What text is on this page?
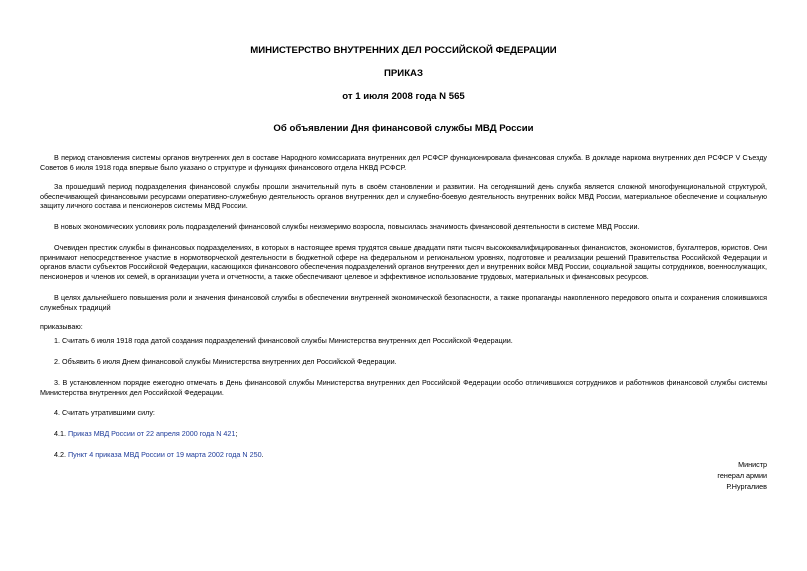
МИНИСТЕРСТВО ВНУТРЕННИХ ДЕЛ РОССИЙСКОЙ ФЕДЕРАЦИИ
ПРИКАЗ
от 1 июля 2008 года N 565
Об объявлении Дня финансовой службы МВД России

В период становления системы органов внутренних дел в составе Народного комиссариата внутренних дел РСФСР функционировала финансовая служба. В докладе наркома внутренних дел РСФСР V Съезду Советов 6 июля 1918 года впервые было указано о структуре и функциях финансового отдела НКВД РСФСР.

За прошедший период подразделения финансовой службы прошли значительный путь в своём становлении и развитии. На сегодняшний день служба является сложной многофункциональной структурой, обеспечивающей финансовыми ресурсами оперативно-служебную деятельность органов внутренних дел и служебно-боевую деятельность внутренних войск МВД России, материальное обеспечение и социальную защиту личного состава и пенсионеров системы МВД России.

В новых экономических условиях роль подразделений финансовой службы неизмеримо возросла, повысилась значимость финансовой деятельности в системе МВД России.

Очевиден престиж службы в финансовых подразделениях, в которых в настоящее время трудятся свыше двадцати пяти тысяч высококвалифицированных финансистов, экономистов, бухгалтеров, юристов. Они принимают непосредственное участие в нормотворческой деятельности в бюджетной сфере на федеральном и региональном уровнях, подготовке и реализации решений Правительства Российской Федерации и органов власти субъектов Российской Федерации, касающихся финансового обеспечения подразделений органов внутренних дел и внутренних войск МВД России, социальной защиты сотрудников, военнослужащих, пенсионеров и членов их семей, в организации учета и отчетности, а также обеспечивают целевое и эффективное использование трудовых, материальных и финансовых ресурсов.

В целях дальнейшего повышения роли и значения финансовой службы в обеспечении внутренней экономической безопасности, а также пропаганды накопленного передового опыта и сохранения сложившихся служебных традиций

приказываю:

1. Считать 6 июля 1918 года датой создания подразделений финансовой службы Министерства внутренних дел Российской Федерации.

2. Объявить 6 июля Днем финансовой службы Министерства внутренних дел Российской Федерации.

3. В установленном порядке ежегодно отмечать в День финансовой службы Министерства внутренних дел Российской Федерации особо отличившихся сотрудников и работников финансовой службы системы Министерства внутренних дел Российской Федерации.

4. Считать утратившими силу:

4.1. Приказ МВД России от 22 апреля 2000 года N 421;
4.2. Пункт 4 приказа МВД России от 19 марта 2002 года N 250.
Министр
генерал армии
Р.Нургалиев
